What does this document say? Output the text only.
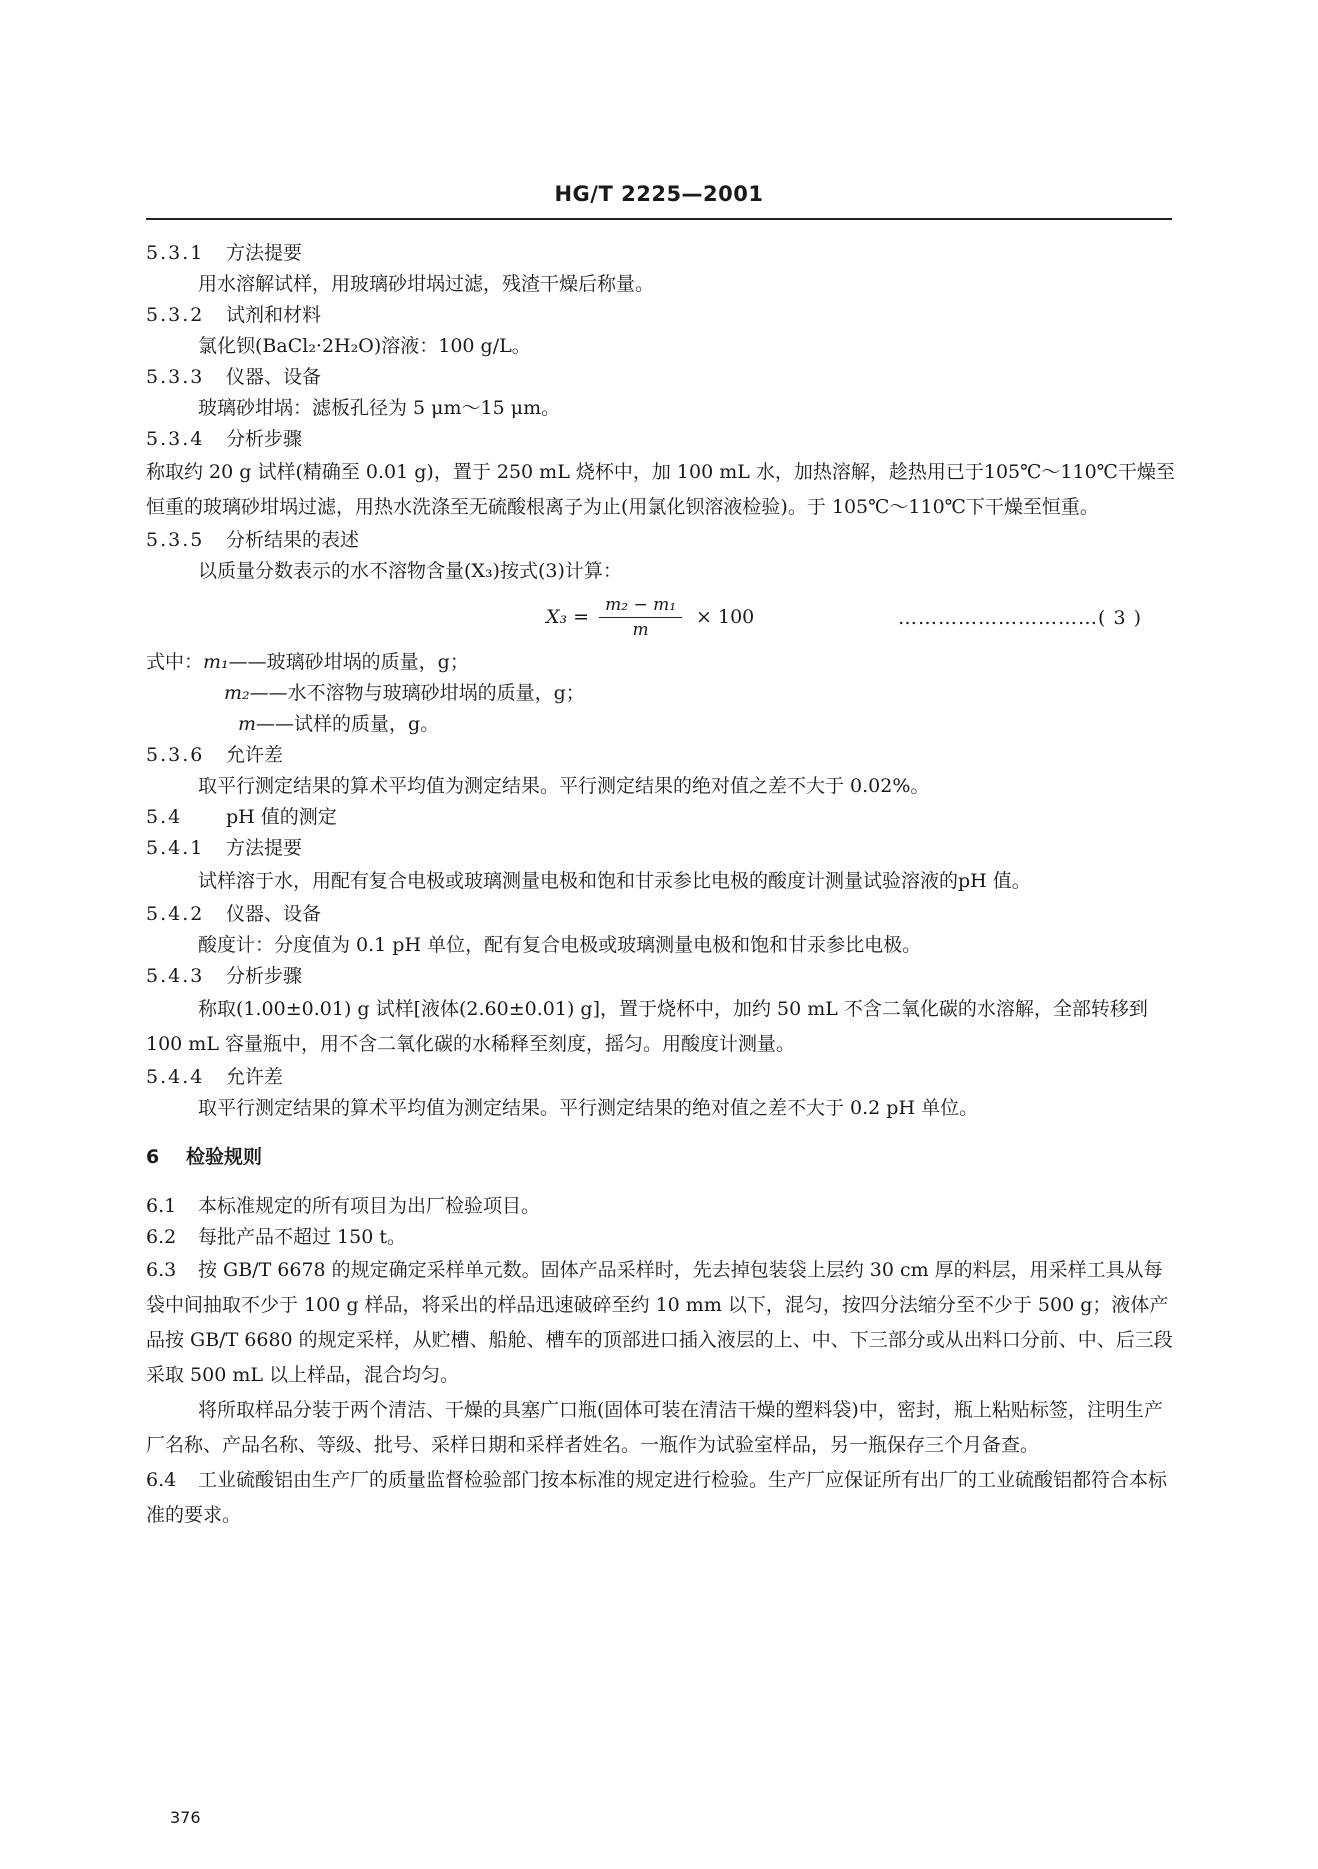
HG/T 2225—2001
5.3.1 方法提要
用水溶解试样，用玻璃砂坩埚过滤，残渣干燥后称量。
5.3.2 试剂和材料
氯化钡(BaCl₂·2H₂O)溶液：100 g/L。
5.3.3 仪器、设备
玻璃砂坩埚：滤板孔径为 5 μm～15 μm。
5.3.4 分析步骤
称取约 20 g 试样(精确至 0.01 g)，置于 250 mL 烧杯中，加 100 mL 水，加热溶解，趁热用已于105℃～110℃干燥至恒重的玻璃砂坩埚过滤，用热水洗涤至无硫酸根离子为止(用氯化钡溶液检验)。于 105℃～110℃下干燥至恒重。
5.3.5 分析结果的表述
以质量分数表示的水不溶物含量(X₃)按式(3)计算：
$X_3 = \frac{\text{m₂ − m₁}}{m} \times 100$	…………………………( 3 )
式中：m₁——玻璃砂坩埚的质量，g；
m₂——水不溶物与玻璃砂坩埚的质量，g；
m——试样的质量，g。
5.3.6 允许差
取平行测定结果的算术平均值为测定结果。平行测定结果的绝对值之差不大于 0.02%。
5.4 pH 值的测定
5.4.1 方法提要
试样溶于水，用配有复合电极或玻璃测量电极和饱和甘汞参比电极的酸度计测量试验溶液的pH 值。
5.4.2 仪器、设备
酸度计：分度值为 0.1 pH 单位，配有复合电极或玻璃测量电极和饱和甘汞参比电极。
5.4.3 分析步骤
称取(1.00±0.01) g 试样[液体(2.60±0.01) g]，置于烧杯中，加约 50 mL 不含二氧化碳的水溶解，全部转移到 100 mL 容量瓶中，用不含二氧化碳的水稀释至刻度，摇匀。用酸度计测量。
5.4.4 允许差
取平行测定结果的算术平均值为测定结果。平行测定结果的绝对值之差不大于 0.2 pH 单位。
6 检验规则
6.1 本标准规定的所有项目为出厂检验项目。
6.2 每批产品不超过 150 t。
6.3 按 GB/T 6678 的规定确定采样单元数。固体产品采样时，先去掉包装袋上层约 30 cm 厚的料层，用采样工具从每袋中间抽取不少于 100 g 样品，将采出的样品迅速破碎至约 10 mm 以下，混匀，按四分法缩分至不少于 500 g；液体产品按 GB/T 6680 的规定采样，从贮槽、船舱、槽车的顶部进口插入液层的上、中、下三部分或从出料口分前、中、后三段采取 500 mL 以上样品，混合均匀。
将所取样品分装于两个清洁、干燥的具塞广口瓶(固体可装在清洁干燥的塑料袋)中，密封，瓶上粘贴标签，注明生产厂名称、产品名称、等级、批号、采样日期和采样者姓名。一瓶作为试验室样品，另一瓶保存三个月备查。
6.4 工业硫酸铝由生产厂的质量监督检验部门按本标准的规定进行检验。生产厂应保证所有出厂的工业硫酸铝都符合本标准的要求。
376
